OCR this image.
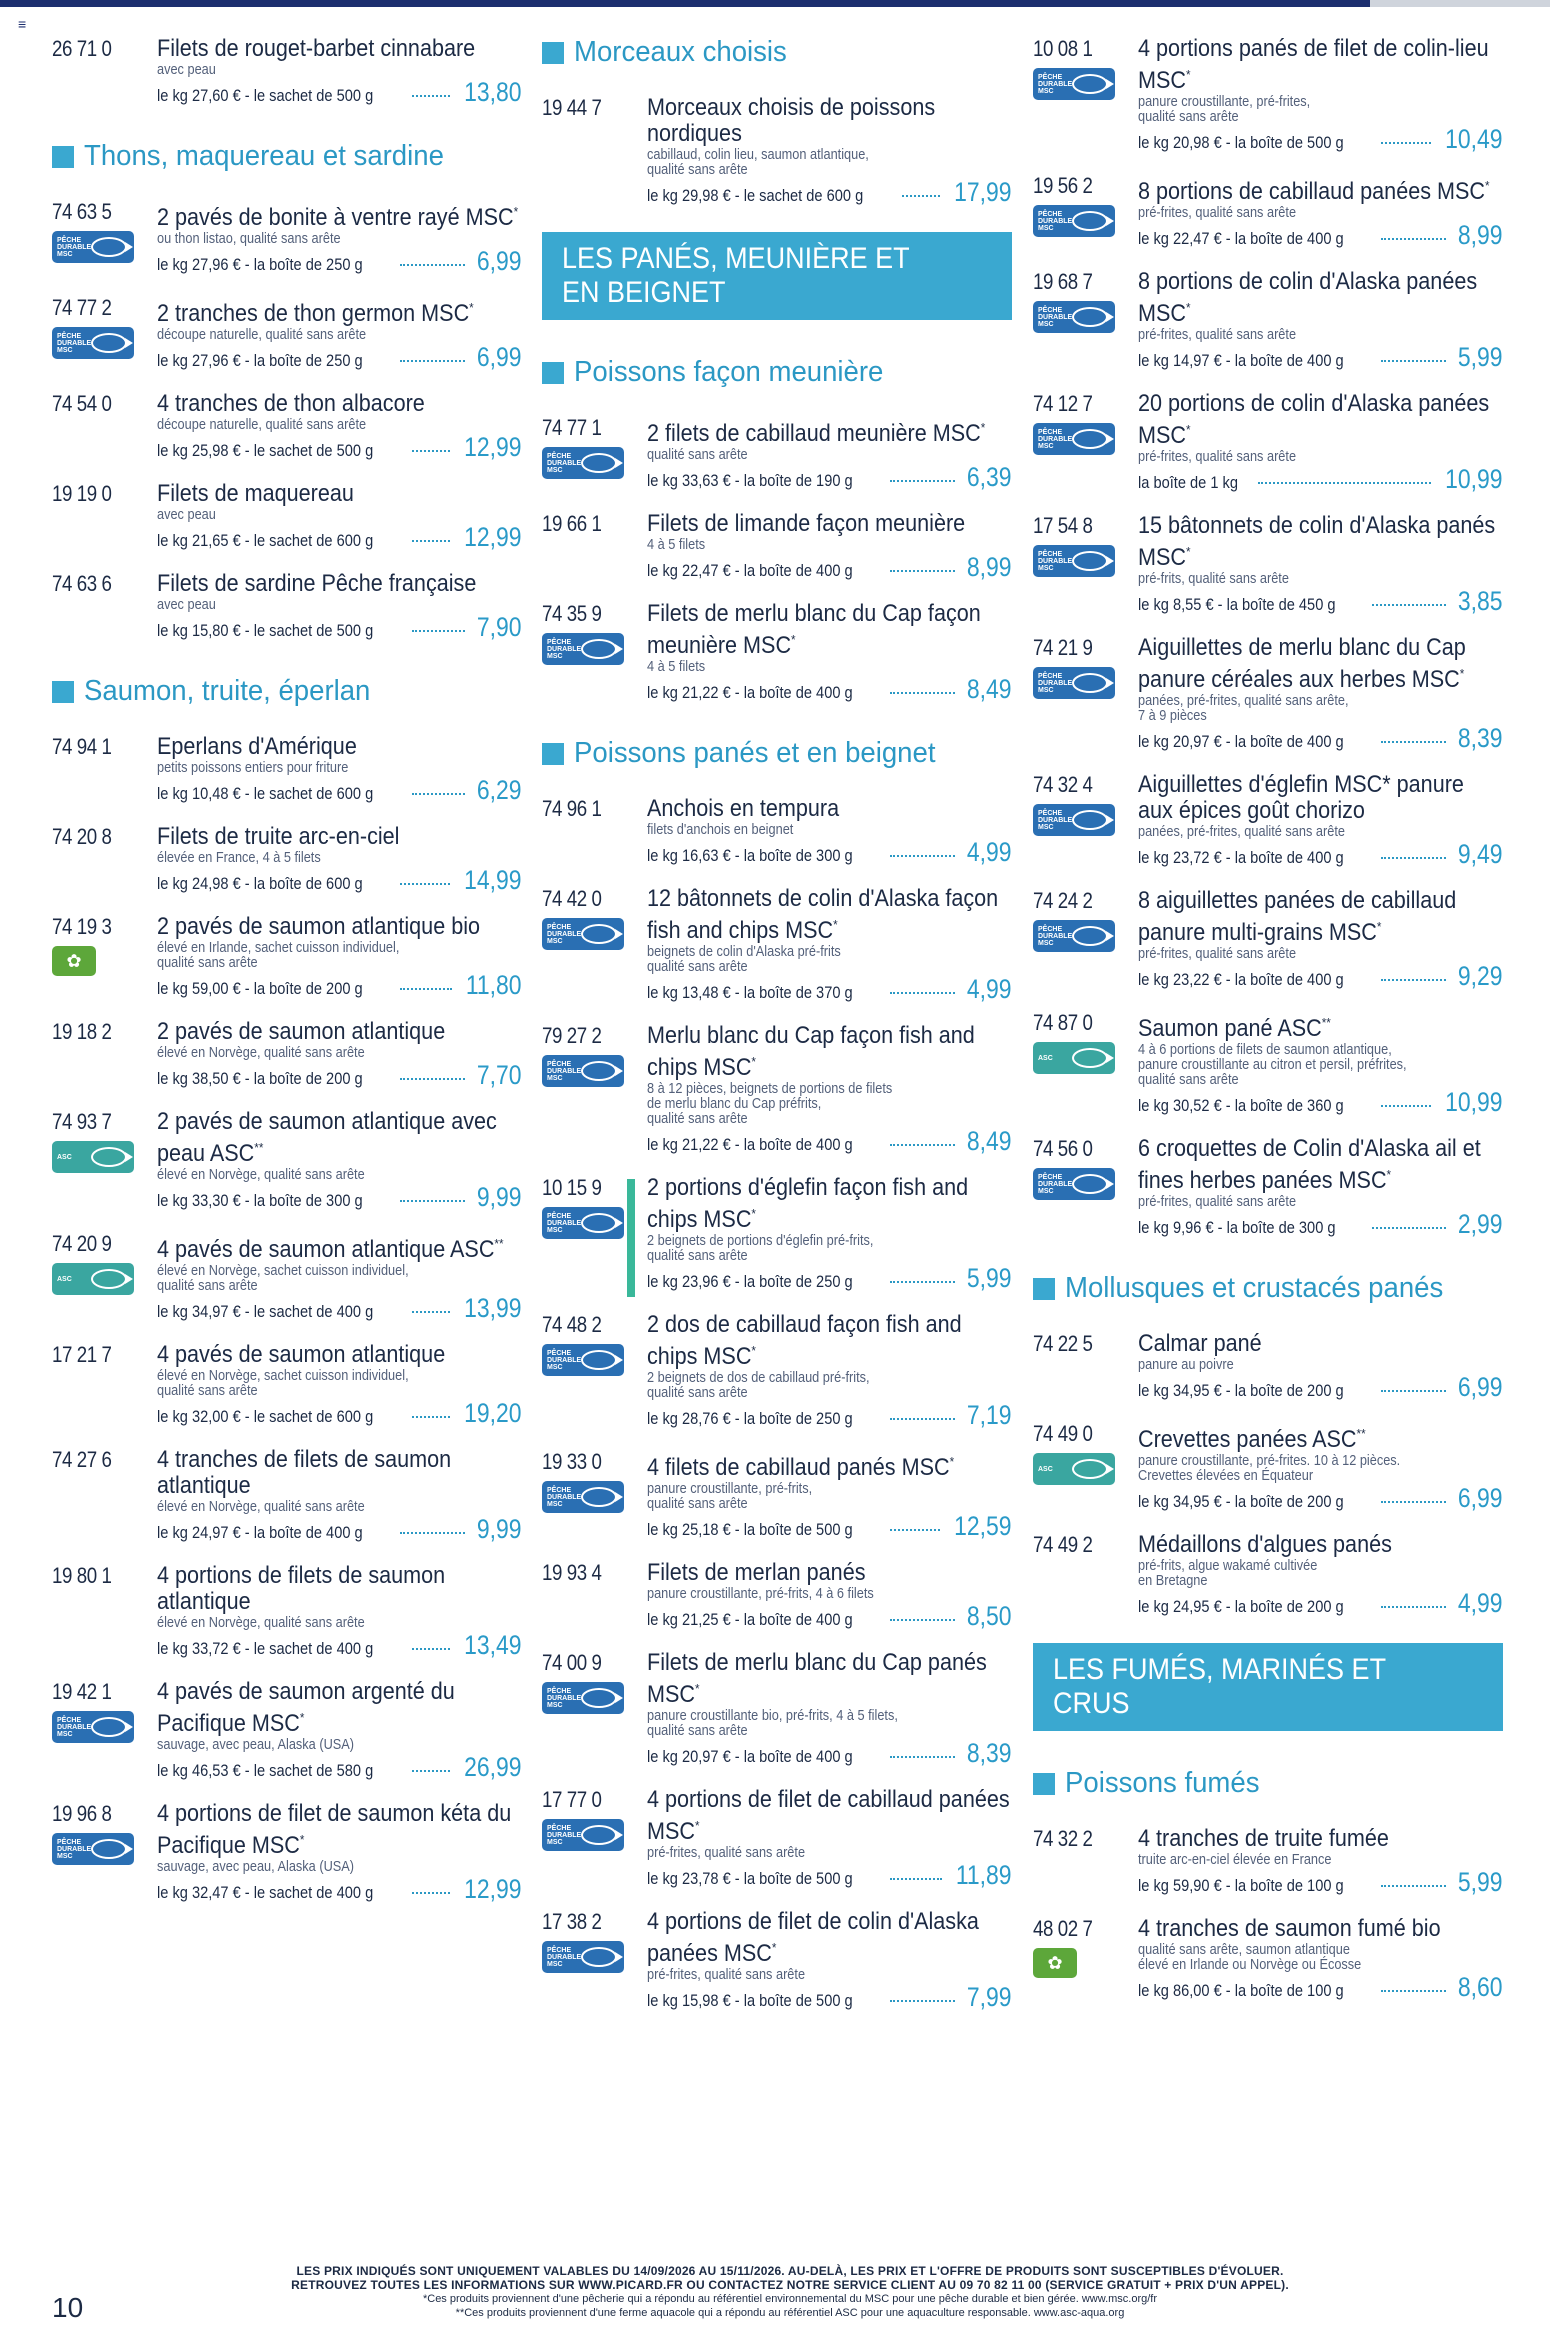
≡
26 71 0	Filets de rouget-barbet cinnabare
avec peau
le kg 27,60 € - le sachet de 500 g	13,80
Thons, maquereau et sardine
74 63 5
PÊCHE DURABLE MSC
2 pavés de bonite à ventre rayé MSC*
ou thon listao, qualité sans arête
le kg 27,96 € - la boîte de 250 g	6,99
74 77 2
PÊCHE DURABLE MSC
2 tranches de thon germon MSC*
découpe naturelle, qualité sans arête
le kg 27,96 € - la boîte de 250 g	6,99
74 54 0	4 tranches de thon albacore
découpe naturelle, qualité sans arête
le kg 25,98 € - le sachet de 500 g	12,99
19 19 0	Filets de maquereau
avec peau
le kg 21,65 € - le sachet de 600 g	12,99
74 63 6	Filets de sardine Pêche française
avec peau
le kg 15,80 € - le sachet de 500 g	7,90
Saumon, truite, éperlan
74 94 1	Eperlans d'Amérique
petits poissons entiers pour friture
le kg 10,48 € - le sachet de 600 g	6,29
74 20 8	Filets de truite arc-en-ciel
élevée en France, 4 à 5 filets
le kg 24,98 € - la boîte de 600 g	14,99
74 19 3
✿
2 pavés de saumon atlantique bio
élevé en Irlande, sachet cuisson individuel,
qualité sans arête
le kg 59,00 € - la boîte de 200 g	11,80
19 18 2	2 pavés de saumon atlantique
élevé en Norvège, qualité sans arête
le kg 38,50 € - la boîte de 200 g	7,70
74 93 7
ASC
2 pavés de saumon atlantique avec peau ASC**
élevé en Norvège, qualité sans arête
le kg 33,30 € - la boîte de 300 g	9,99
74 20 9
ASC
4 pavés de saumon atlantique ASC**
élevé en Norvège, sachet cuisson individuel,
qualité sans arête
le kg 34,97 € - le sachet de 400 g	13,99
17 21 7	4 pavés de saumon atlantique
élevé en Norvège, sachet cuisson individuel,
qualité sans arête
le kg 32,00 € - le sachet de 600 g	19,20
74 27 6	4 tranches de filets de saumon atlantique
élevé en Norvège, qualité sans arête
le kg 24,97 € - la boîte de 400 g	9,99
19 80 1	4 portions de filets de saumon atlantique
élevé en Norvège, qualité sans arête
le kg 33,72 € - le sachet de 400 g	13,49
19 42 1
PÊCHE DURABLE MSC
4 pavés de saumon argenté du Pacifique MSC*
sauvage, avec peau, Alaska (USA)
le kg 46,53 € - le sachet de 580 g	26,99
19 96 8
PÊCHE DURABLE MSC
4 portions de filet de saumon kéta du Pacifique MSC*
sauvage, avec peau, Alaska (USA)
le kg 32,47 € - le sachet de 400 g	12,99
Morceaux choisis
19 44 7	Morceaux choisis de poissons nordiques
cabillaud, colin lieu, saumon atlantique,
qualité sans arête
le kg 29,98 € - le sachet de 600 g	17,99
LES PANÉS, MEUNIÈRE ET EN BEIGNET
Poissons façon meunière
74 77 1
PÊCHE DURABLE MSC
2 filets de cabillaud meunière MSC*
qualité sans arête
le kg 33,63 € - la boîte de 190 g	6,39
19 66 1	Filets de limande façon meunière
4 à 5 filets
le kg 22,47 € - la boîte de 400 g	8,99
74 35 9
PÊCHE DURABLE MSC
Filets de merlu blanc du Cap façon meunière MSC*
4 à 5 filets
le kg 21,22 € - la boîte de 400 g	8,49
Poissons panés et en beignet
74 96 1	Anchois en tempura
filets d'anchois en beignet
le kg 16,63 € - la boîte de 300 g	4,99
74 42 0
PÊCHE DURABLE MSC
12 bâtonnets de colin d'Alaska façon fish and chips MSC*
beignets de colin d'Alaska pré-frits
qualité sans arête
le kg 13,48 € - la boîte de 370 g	4,99
79 27 2
PÊCHE DURABLE MSC
Merlu blanc du Cap façon fish and chips MSC*
8 à 12 pièces, beignets de portions de filets
de merlu blanc du Cap préfrits,
qualité sans arête
le kg 21,22 € - la boîte de 400 g	8,49
10 15 9
PÊCHE DURABLE MSC
2 portions d'églefin façon fish and chips MSC*
2 beignets de portions d'églefin pré-frits,
qualité sans arête
le kg 23,96 € - la boîte de 250 g	5,99
74 48 2
PÊCHE DURABLE MSC
2 dos de cabillaud façon fish and chips MSC*
2 beignets de dos de cabillaud pré-frits,
qualité sans arête
le kg 28,76 € - la boîte de 250 g	7,19
19 33 0
PÊCHE DURABLE MSC
4 filets de cabillaud panés MSC*
panure croustillante, pré-frits,
qualité sans arête
le kg 25,18 € - la boîte de 500 g	12,59
19 93 4	Filets de merlan panés
panure croustillante, pré-frits, 4 à 6 filets
le kg 21,25 € - la boîte de 400 g	8,50
74 00 9
PÊCHE DURABLE MSC
Filets de merlu blanc du Cap panés MSC*
panure croustillante bio, pré-frits, 4 à 5 filets,
qualité sans arête
le kg 20,97 € - la boîte de 400 g	8,39
17 77 0
PÊCHE DURABLE MSC
4 portions de filet de cabillaud panées MSC*
pré-frites, qualité sans arête
le kg 23,78 € - la boîte de 500 g	11,89
17 38 2
PÊCHE DURABLE MSC
4 portions de filet de colin d'Alaska panées MSC*
pré-frites, qualité sans arête
le kg 15,98 € - la boîte de 500 g	7,99
10 08 1
PÊCHE DURABLE MSC
4 portions panés de filet de colin-lieu MSC*
panure croustillante, pré-frites,
qualité sans arête
le kg 20,98 € - la boîte de 500 g	10,49
19 56 2
PÊCHE DURABLE MSC
8 portions de cabillaud panées MSC*
pré-frites, qualité sans arête
le kg 22,47 € - la boîte de 400 g	8,99
19 68 7
PÊCHE DURABLE MSC
8 portions de colin d'Alaska panées MSC*
pré-frites, qualité sans arête
le kg 14,97 € - la boîte de 400 g	5,99
74 12 7
PÊCHE DURABLE MSC
20 portions de colin d'Alaska panées MSC*
pré-frites, qualité sans arête
la boîte de 1 kg	10,99
17 54 8
PÊCHE DURABLE MSC
15 bâtonnets de colin d'Alaska panés MSC*
pré-frits, qualité sans arête
le kg 8,55 € - la boîte de 450 g	3,85
74 21 9
PÊCHE DURABLE MSC
Aiguillettes de merlu blanc du Cap panure céréales aux herbes MSC*
panées, pré-frites, qualité sans arête,
7 à 9 pièces
le kg 20,97 € - la boîte de 400 g	8,39
74 32 4
PÊCHE DURABLE MSC
Aiguillettes d'églefin MSC* panure aux épices goût chorizo
panées, pré-frites, qualité sans arête
le kg 23,72 € - la boîte de 400 g	9,49
74 24 2
PÊCHE DURABLE MSC
8 aiguillettes panées de cabillaud panure multi-grains MSC*
pré-frites, qualité sans arête
le kg 23,22 € - la boîte de 400 g	9,29
74 87 0
ASC
Saumon pané ASC**
4 à 6 portions de filets de saumon atlantique,
panure croustillante au citron et persil, préfrites,
qualité sans arête
le kg 30,52 € - la boîte de 360 g	10,99
74 56 0
PÊCHE DURABLE MSC
6 croquettes de Colin d'Alaska ail et fines herbes panées MSC*
pré-frites, qualité sans arête
le kg 9,96 € - la boîte de 300 g	2,99
Mollusques et crustacés panés
74 22 5	Calmar pané
panure au poivre
le kg 34,95 € - la boîte de 200 g	6,99
74 49 0
ASC
Crevettes panées ASC**
panure croustillante, pré-frites. 10 à 12 pièces.
Crevettes élevées en Équateur
le kg 34,95 € - la boîte de 200 g	6,99
74 49 2	Médaillons d'algues panés
pré-frits, algue wakamé cultivée
en Bretagne
le kg 24,95 € - la boîte de 200 g	4,99
LES FUMÉS, MARINÉS ET CRUS
Poissons fumés
74 32 2	4 tranches de truite fumée
truite arc-en-ciel élevée en France
le kg 59,90 € - la boîte de 100 g	5,99
48 02 7
✿
4 tranches de saumon fumé bio
qualité sans arête, saumon atlantique
élevé en Irlande ou Norvège ou Écosse
le kg 86,00 € - la boîte de 100 g	8,60
LES PRIX INDIQUÉS SONT UNIQUEMENT VALABLES DU 14/09/2026 AU 15/11/2026. AU-DELÀ, LES PRIX ET L'OFFRE DE PRODUITS SONT SUSCEPTIBLES D'ÉVOLUER.
RETROUVEZ TOUTES LES INFORMATIONS SUR WWW.PICARD.FR OU CONTACTEZ NOTRE SERVICE CLIENT AU 09 70 82 11 00 (SERVICE GRATUIT + PRIX D'UN APPEL).
*Ces produits proviennent d'une pêcherie qui a répondu au référentiel environnemental du MSC pour une pêche durable et bien gérée. www.msc.org/fr
**Ces produits proviennent d'une ferme aquacole qui a répondu au référentiel ASC pour une aquaculture responsable. www.asc-aqua.org
10
